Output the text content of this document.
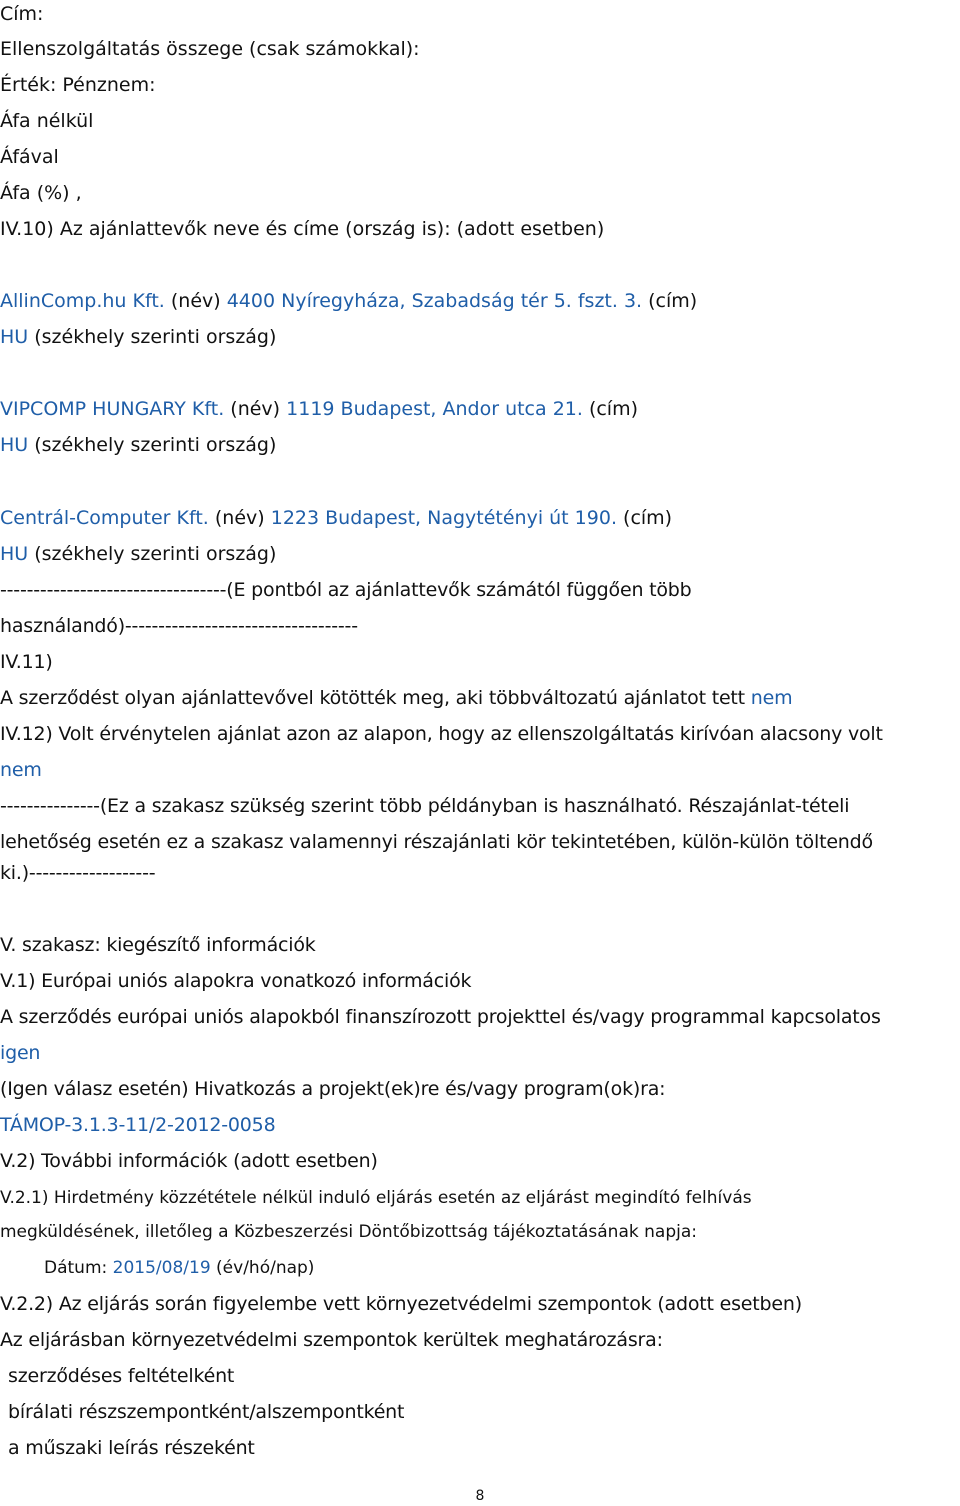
Cím:
Ellenszolgáltatás összege (csak számokkal):
Érték: Pénznem:
Áfa nélkül
Áfával
Áfa (%) ,
IV.10) Az ajánlattevők neve és címe (ország is): (adott esetben)
AllinComp.hu Kft. (név) 4400 Nyíregyháza, Szabadság tér 5. fszt. 3. (cím)
HU (székhely szerinti ország)
VIPCOMP HUNGARY Kft. (név) 1119 Budapest, Andor utca 21. (cím)
HU (székhely szerinti ország)
Centrál-Computer Kft. (név) 1223 Budapest, Nagytétényi út 190. (cím)
HU (székhely szerinti ország)
----------------------------------(E pontból az ajánlattevők számától függően több
használandó)-----------------------------------
IV.11)
A szerződést olyan ajánlattevővel kötötték meg, aki többváltozatú ajánlatot tett nem
IV.12) Volt érvénytelen ajánlat azon az alapon, hogy az ellenszolgáltatás kirívóan alacsony volt
nem
---------------(Ez a szakasz szükség szerint több példányban is használható. Részajánlat-tételi
lehetőség esetén ez a szakasz valamennyi részajánlati kör tekintetében, külön-külön töltendő
ki.)-------------------
V. szakasz: kiegészítő információk
V.1) Európai uniós alapokra vonatkozó információk
A szerződés európai uniós alapokból finanszírozott projekttel és/vagy programmal kapcsolatos
igen
(Igen válasz esetén) Hivatkozás a projekt(ek)re és/vagy program(ok)ra:
TÁMOP-3.1.3-11/2-2012-0058
V.2) További információk (adott esetben)
V.2.1) Hirdetmény közzététele nélkül induló eljárás esetén az eljárást megindító felhívás
megküldésének, illetőleg a Közbeszerzési Döntőbizottság tájékoztatásának napja:
Dátum: 2015/08/19 (év/hó/nap)
V.2.2) Az eljárás során figyelembe vett környezetvédelmi szempontok (adott esetben)
Az eljárásban környezetvédelmi szempontok kerültek meghatározásra:
szerződéses feltételként
bírálati részszempontként/alszempontként
a műszaki leírás részeként
8
